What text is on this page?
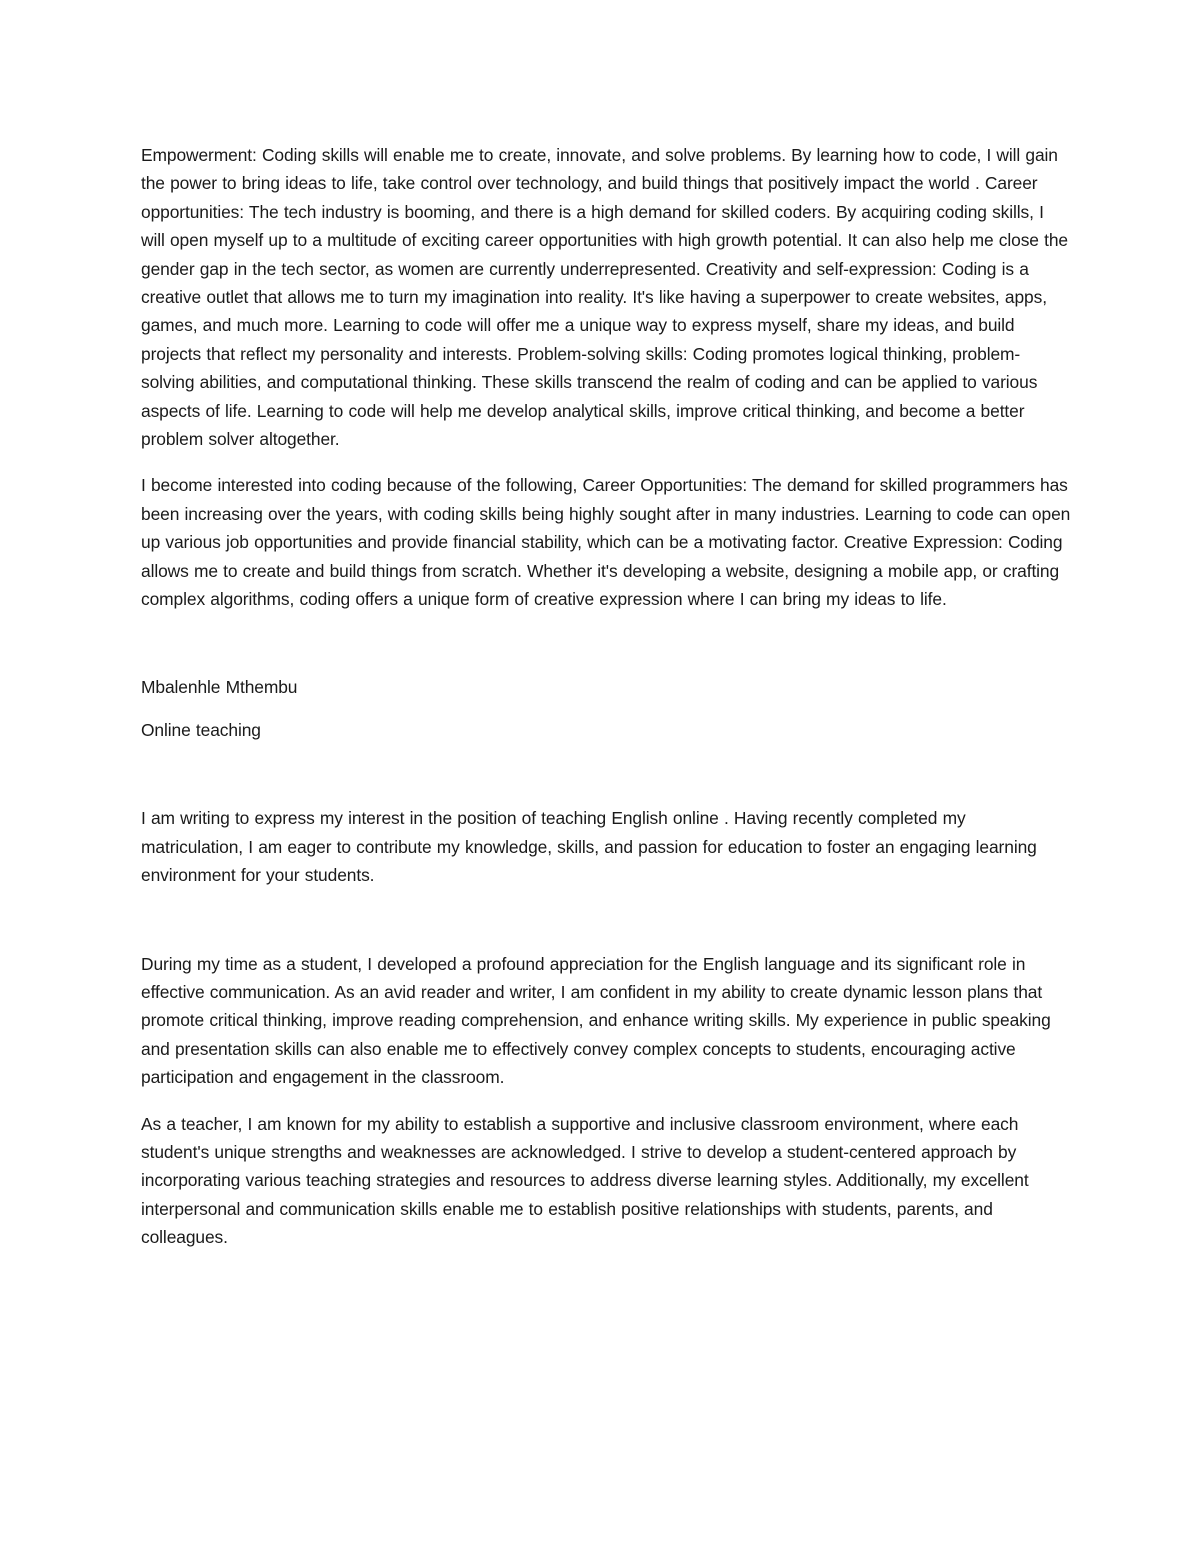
Empowerment: Coding skills will enable me to create, innovate, and solve problems. By learning how to code, I will gain the power to bring ideas to life, take control over technology, and build things that positively impact the world . Career opportunities: The tech industry is booming, and there is a high demand for skilled coders. By acquiring coding skills, I will open myself up to a multitude of exciting career opportunities with high growth potential. It can also help me close the gender gap in the tech sector, as women are currently underrepresented. Creativity and self-expression: Coding is a creative outlet that allows me to turn my imagination into reality. It's like having a superpower to create websites, apps, games, and much more. Learning to code will offer me a unique way to express myself, share my ideas, and build projects that reflect my personality and interests. Problem-solving skills: Coding promotes logical thinking, problem-solving abilities, and computational thinking. These skills transcend the realm of coding and can be applied to various aspects of life. Learning to code will help me develop analytical skills, improve critical thinking, and become a better problem solver altogether.

I become interested into coding because of the following, Career Opportunities: The demand for skilled programmers has been increasing over the years, with coding skills being highly sought after in many industries. Learning to code can open up various job opportunities and provide financial stability, which can be a motivating factor. Creative Expression: Coding allows me to create and build things from scratch. Whether it's developing a website, designing a mobile app, or crafting complex algorithms, coding offers a unique form of creative expression where I can bring my ideas to life.

Mbalenhle Mthembu

Online teaching

I am writing to express my interest in the position of teaching English online . Having recently completed my matriculation, I am eager to contribute my knowledge, skills, and passion for education to foster an engaging learning environment for your students.

During my time as a student, I developed a profound appreciation for the English language and its significant role in effective communication. As an avid reader and writer, I am confident in my ability to create dynamic lesson plans that promote critical thinking, improve reading comprehension, and enhance writing skills. My experience in public speaking and presentation skills can also enable me to effectively convey complex concepts to students, encouraging active participation and engagement in the classroom.

As a teacher, I am known for my ability to establish a supportive and inclusive classroom environment, where each student's unique strengths and weaknesses are acknowledged. I strive to develop a student-centered approach by incorporating various teaching strategies and resources to address diverse learning styles. Additionally, my excellent interpersonal and communication skills enable me to establish positive relationships with students, parents, and colleagues.
